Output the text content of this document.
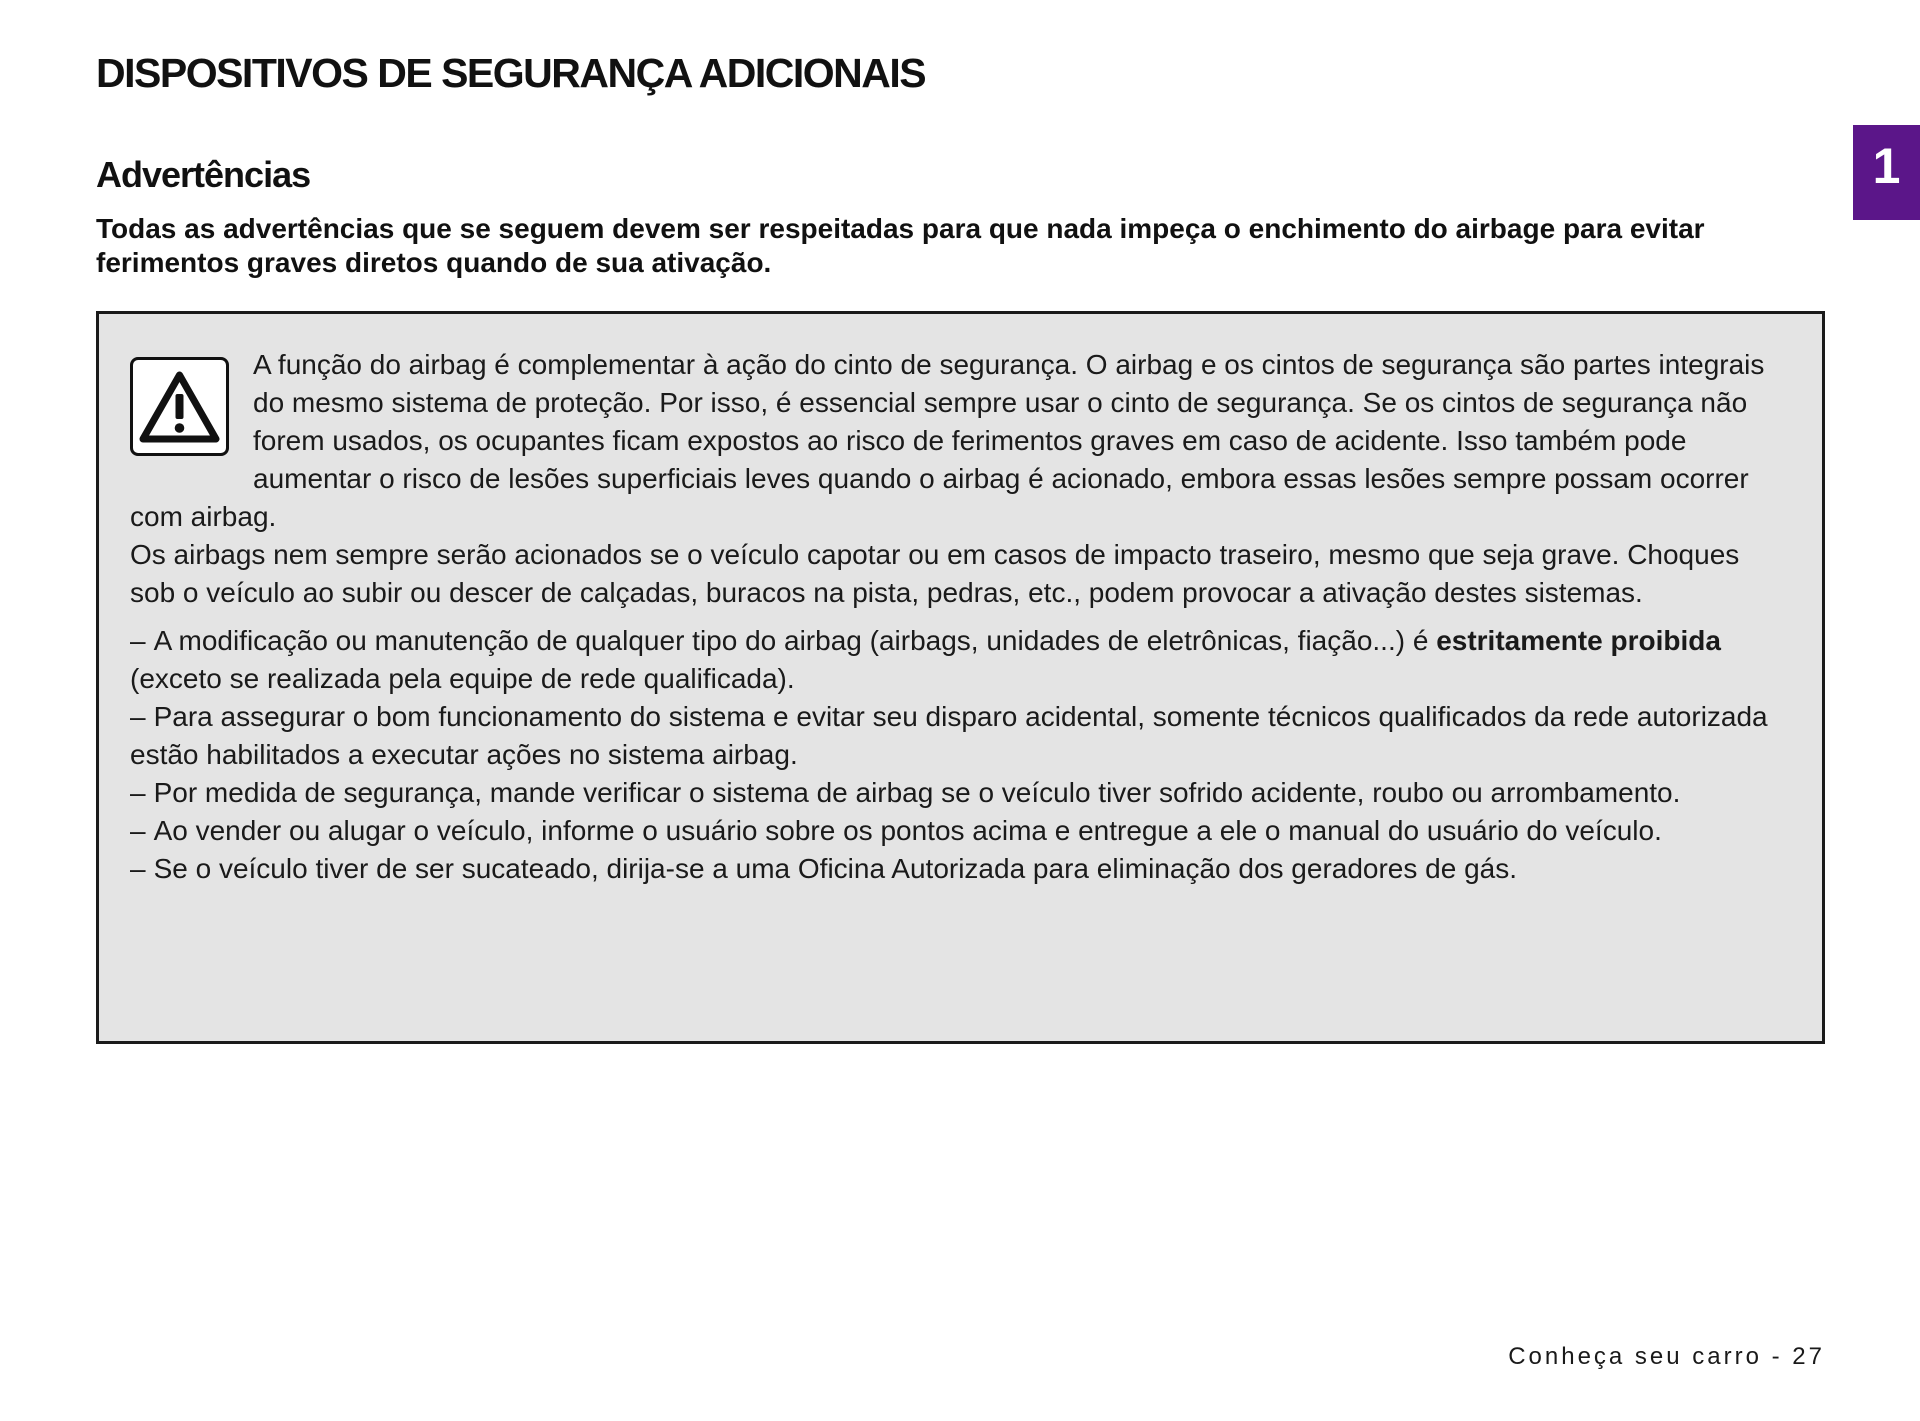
DISPOSITIVOS DE SEGURANÇA ADICIONAIS
1
Advertências

Todas as advertências que se seguem devem ser respeitadas para que nada impeça o enchimento do airbage para evitar ferimentos graves diretos quando de sua ativação.

A função do airbag é complementar à ação do cinto de segurança. O airbag e os cintos de segurança são partes integrais do mesmo sistema de proteção. Por isso, é essencial sempre usar o cinto de segurança. Se os cintos de segurança não forem usados, os ocupantes ficam expostos ao risco de ferimentos graves em caso de acidente. Isso também pode aumentar o risco de lesões superficiais leves quando o airbag é acionado, embora essas lesões sempre possam ocorrer com airbag.

Os airbags nem sempre serão acionados se o veículo capotar ou em casos de impacto traseiro, mesmo que seja grave. Choques sob o veículo ao subir ou descer de calçadas, buracos na pista, pedras, etc., podem provocar a ativação destes sistemas.

– A modificação ou manutenção de qualquer tipo do airbag (airbags, unidades de eletrônicas, fiação...) é estritamente proibida (exceto se realizada pela equipe de rede qualificada).
– Para assegurar o bom funcionamento do sistema e evitar seu disparo acidental, somente técnicos qualificados da rede autorizada estão habilitados a executar ações no sistema airbag.
– Por medida de segurança, mande verificar o sistema de airbag se o veículo tiver sofrido acidente, roubo ou arrombamento.
– Ao vender ou alugar o veículo, informe o usuário sobre os pontos acima e entregue a ele o manual do usuário do veículo.
– Se o veículo tiver de ser sucateado, dirija-se a uma Oficina Autorizada para eliminação dos geradores de gás.
Conheça seu carro - 27
